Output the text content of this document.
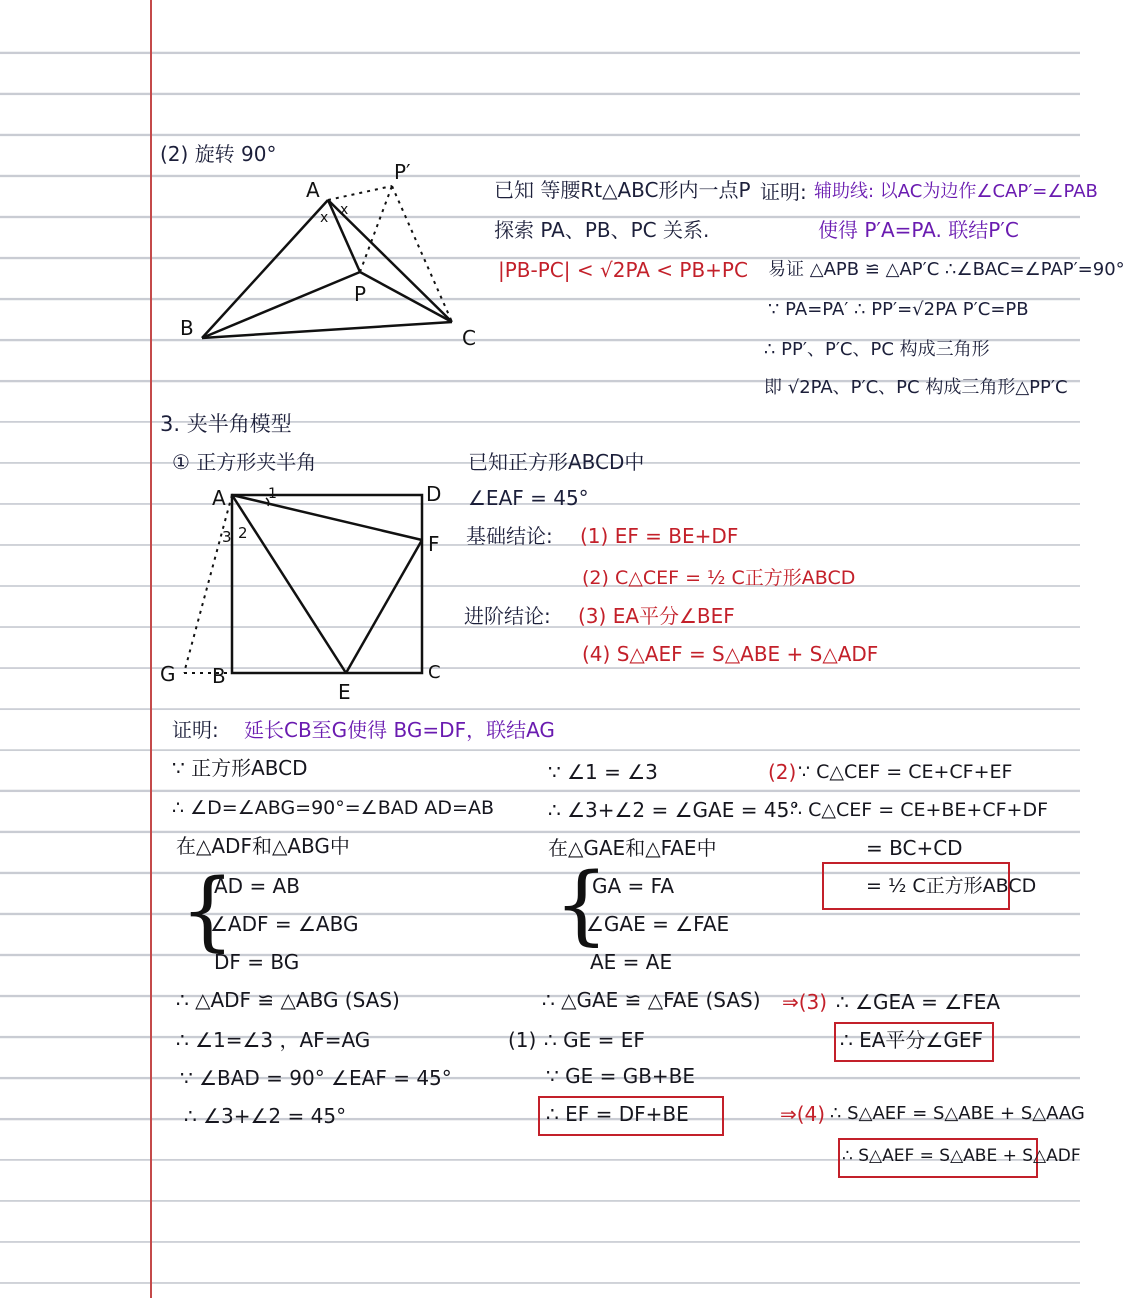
(2) 旋转 90°
A
B	C
P
P′
x x
已知 等腰Rt△ABC形内一点P
探索 PA、PB、PC 关系.
|PB-PC| < √2PA < PB+PC
证明: 辅助线: 以AC为边作∠CAP′=∠PAB
使得 P′A=PA. 联结P′C
易证 △APB ≌ △AP′C ∴∠BAC=∠PAP′=90°
∵ PA=PA′ ∴ PP′=√2PA P′C=PB
∴ PP′、P′C、PC 构成三角形
即 √2PA、P′C、PC 构成三角形△PP′C
3. 夹半角模型
① 正方形夹半角
A	D
F
E
C
B
G
1
2
3
已知正方形ABCD中
∠EAF = 45°
基础结论: (1) EF = BE+DF
(2) C△CEF = ½ C正方形ABCD
进阶结论: (3) EA平分∠BEF
(4) S△AEF = S△ABE + S△ADF
证明: 延长CB至G使得 BG=DF，联结AG
∵ 正方形ABCD
∴ ∠D=∠ABG=90°=∠BAD AD=AB
在△ADF和△ABG中
{
AD = AB
∠ADF = ∠ABG
DF = BG
∴ △ADF ≌ △ABG (SAS)
∴ ∠1=∠3 ，AF=AG
∵ ∠BAD = 90° ∠EAF = 45°
∴ ∠3+∠2 = 45°
∵ ∠1 = ∠3
∴ ∠3+∠2 = ∠GAE = 45°
在△GAE和△FAE中
{
GA = FA
∠GAE = ∠FAE
AE = AE
∴ △GAE ≌ △FAE (SAS)
(1) ∴ GE = EF
∵ GE = GB+BE
∴ EF = DF+BE
(2) ∵ C△CEF = CE+CF+EF
∴ C△CEF = CE+BE+CF+DF
= BC+CD
= ½ C正方形ABCD
⇒(3) ∴ ∠GEA = ∠FEA
∴ EA平分∠GEF
⇒(4) ∴ S△AEF = S△ABE + S△AAG
∴ S△AEF = S△ABE + S△ADF
